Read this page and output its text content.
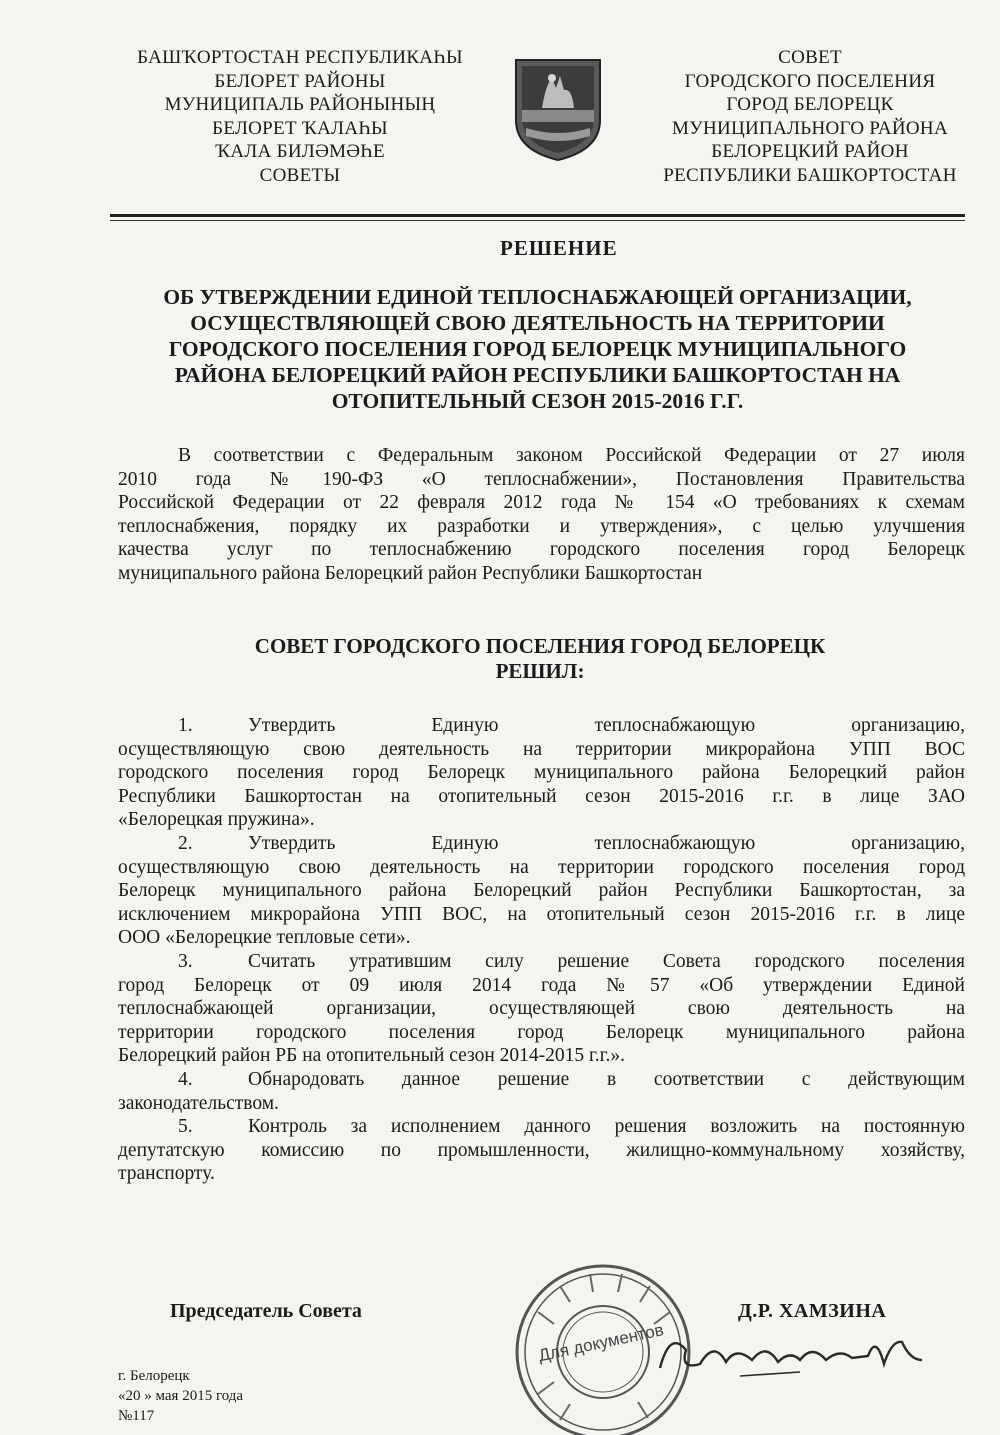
БАШҠОРТОСТАН РЕСПУБЛИКАҺЫ
БЕЛОРЕТ РАЙОНЫ
МУНИЦИПАЛЬ РАЙОНЫНЫҢ
БЕЛОРЕТ ҠАЛАҺЫ
ҠАЛА БИЛӘМӘҺЕ
СОВЕТЫ
СОВЕТ
ГОРОДСКОГО ПОСЕЛЕНИЯ
ГОРОД БЕЛОРЕЦК
МУНИЦИПАЛЬНОГО РАЙОНА
БЕЛОРЕЦКИЙ РАЙОН
РЕСПУБЛИКИ БАШКОРТОСТАН
РЕШЕНИЕ
ОБ УТВЕРЖДЕНИИ ЕДИНОЙ ТЕПЛОСНАБЖАЮЩЕЙ ОРГАНИЗАЦИИ,
ОСУЩЕСТВЛЯЮЩЕЙ СВОЮ ДЕЯТЕЛЬНОСТЬ НА ТЕРРИТОРИИ
ГОРОДСКОГО ПОСЕЛЕНИЯ ГОРОД БЕЛОРЕЦК МУНИЦИПАЛЬНОГО
РАЙОНА БЕЛОРЕЦКИЙ РАЙОН РЕСПУБЛИКИ БАШКОРТОСТАН НА
ОТОПИТЕЛЬНЫЙ СЕЗОН 2015-2016 Г.Г.
В соответствии с Федеральным законом Российской Федерации от 27 июля
2010 года №190-ФЗ «О теплоснабжении», Постановления Правительства
Российской Федерации от 22 февраля 2012 года № 154 «О требованиях к схемам
теплоснабжения, порядку их разработки и утверждения», с целью улучшения
качества услуг по теплоснабжению городского поселения город Белорецк
муниципального района Белорецкий район Республики Башкортостан
СОВЕТ ГОРОДСКОГО ПОСЕЛЕНИЯ ГОРОД БЕЛОРЕЦК
РЕШИЛ:
1.	Утвердить Единую теплоснабжающую организацию,
осуществляющую свою деятельность на территории микрорайона УПП ВОС
городского поселения город Белорецк муниципального района Белорецкий район
Республики Башкортостан на отопительный сезон 2015-2016 г.г. в лице ЗАО
«Белорецкая пружина».
2.	Утвердить Единую теплоснабжающую организацию,
осуществляющую свою деятельность на территории городского поселения город
Белорецк муниципального района Белорецкий район Республики Башкортостан, за
исключением микрорайона УПП ВОС, на отопительный сезон 2015-2016 г.г. в лице
ООО «Белорецкие тепловые сети».
3.	Считать утратившим силу решение Совета городского поселения
город Белорецк от 09 июля 2014 года №57 «Об утверждении Единой
теплоснабжающей организации, осуществляющей свою деятельность на
территории городского поселения город Белорецк муниципального района
Белорецкий район РБ на отопительный сезон 2014-2015 г.г.».
4.	Обнародовать данное решение в соответствии с действующим
законодательством.
5.	Контроль за исполнением данного решения возложить на постоянную
депутатскую комиссию по промышленности, жилищно-коммунальному хозяйству,
транспорту.
Для документов
Председатель Совета	Д.Р. ХАМЗИНА
г. Белорецк
«20 » мая 2015 года
№117
